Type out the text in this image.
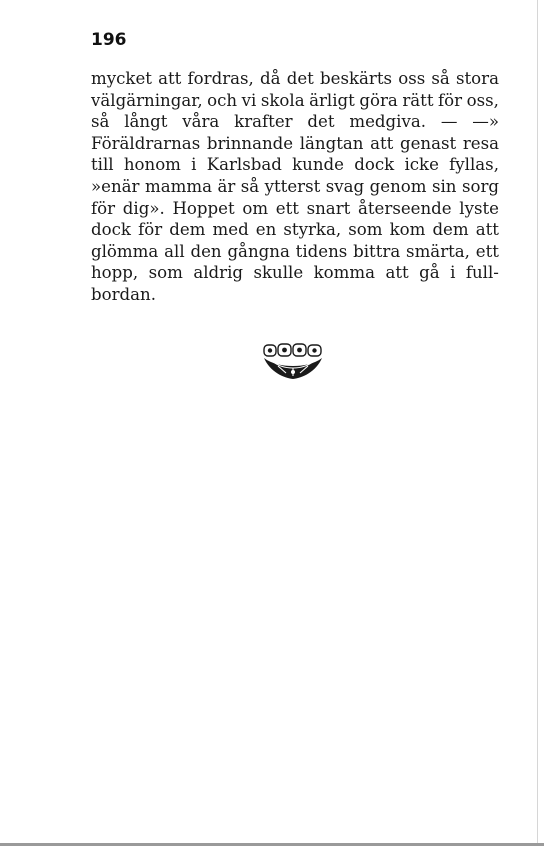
196
mycket att fordras, då det beskärts oss så stora
välgärningar, och vi skola ärligt göra rätt för oss,
så långt våra krafter det medgiva. — —»
Föräldrarnas brinnande längtan att genast resa
till honom i Karlsbad kunde dock icke fyllas,
»enär mamma är så ytterst svag genom sin sorg
för dig». Hoppet om ett snart återseende lyste
dock för dem med en styrka, som kom dem att
glömma all den gångna tidens bittra smärta, ett
hopp, som aldrig skulle komma att gå i full-
bordan.
